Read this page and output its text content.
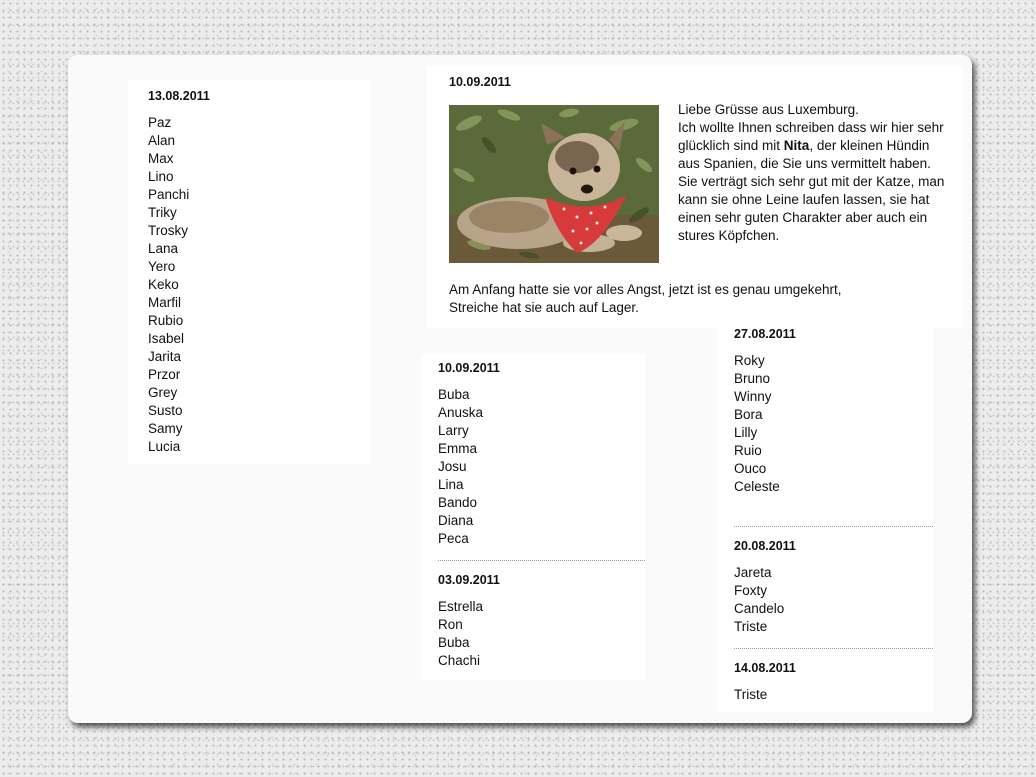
13.08.2011
Paz
Alan
Max
Lino
Panchi
Triky
Trosky
Lana
Yero
Keko
Marfil
Rubio
Isabel
Jarita
Przor
Grey
Susto
Samy
Lucia
10.09.2011

Liebe Grüsse aus Luxemburg.

Ich wollte Ihnen schreiben dass wir hier sehr glücklich sind mit Nita, der kleinen Hündin aus Spanien, die Sie uns vermittelt haben.

Sie verträgt sich sehr gut mit der Katze, man kann sie ohne Leine laufen lassen, sie hat einen sehr guten Charakter aber auch ein stures Köpfchen.

Am Anfang hatte sie vor alles Angst, jetzt ist es genau umgekehrt, Streiche hat sie auch auf Lager.
10.09.2011
Buba
Anuska
Larry
Emma
Josu
Lina
Bando
Diana
Peca
03.09.2011
Estrella
Ron
Buba
Chachi
27.08.2011
Roky
Bruno
Winny
Bora
Lilly
Ruio
Ouco
Celeste
20.08.2011
Jareta
Foxty
Candelo
Triste
14.08.2011
Triste
